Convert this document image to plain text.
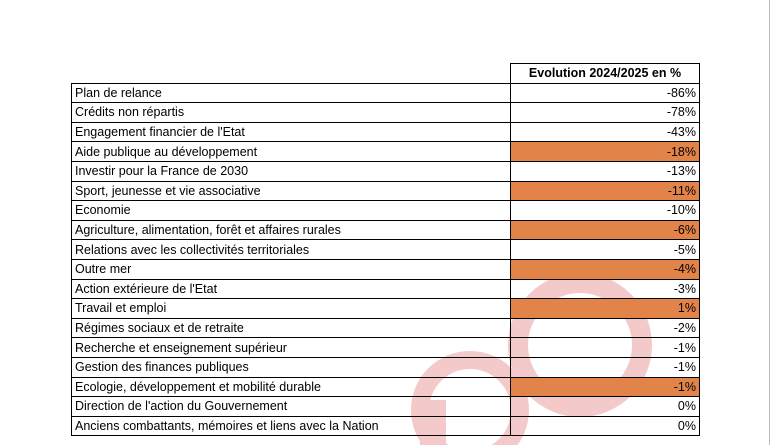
	Evolution 2024/2025 en %
Plan de relance	-86%
Crédits non répartis	-78%
Engagement financier de l'Etat	-43%
Aide publique au développement	-18%
Investir pour la France de 2030	-13%
Sport, jeunesse et vie associative	-11%
Economie	-10%
Agriculture, alimentation, forêt et affaires rurales	-6%
Relations avec les collectivités territoriales	-5%
Outre mer	-4%
Action extérieure de l'Etat	-3%
Travail et emploi	1%
Régimes sociaux et de retraite	-2%
Recherche et enseignement supérieur	-1%
Gestion des finances publiques	-1%
Ecologie, développement et mobilité durable	-1%
Direction de l'action du Gouvernement	0%
Anciens combattants, mémoires et liens avec la Nation	0%
